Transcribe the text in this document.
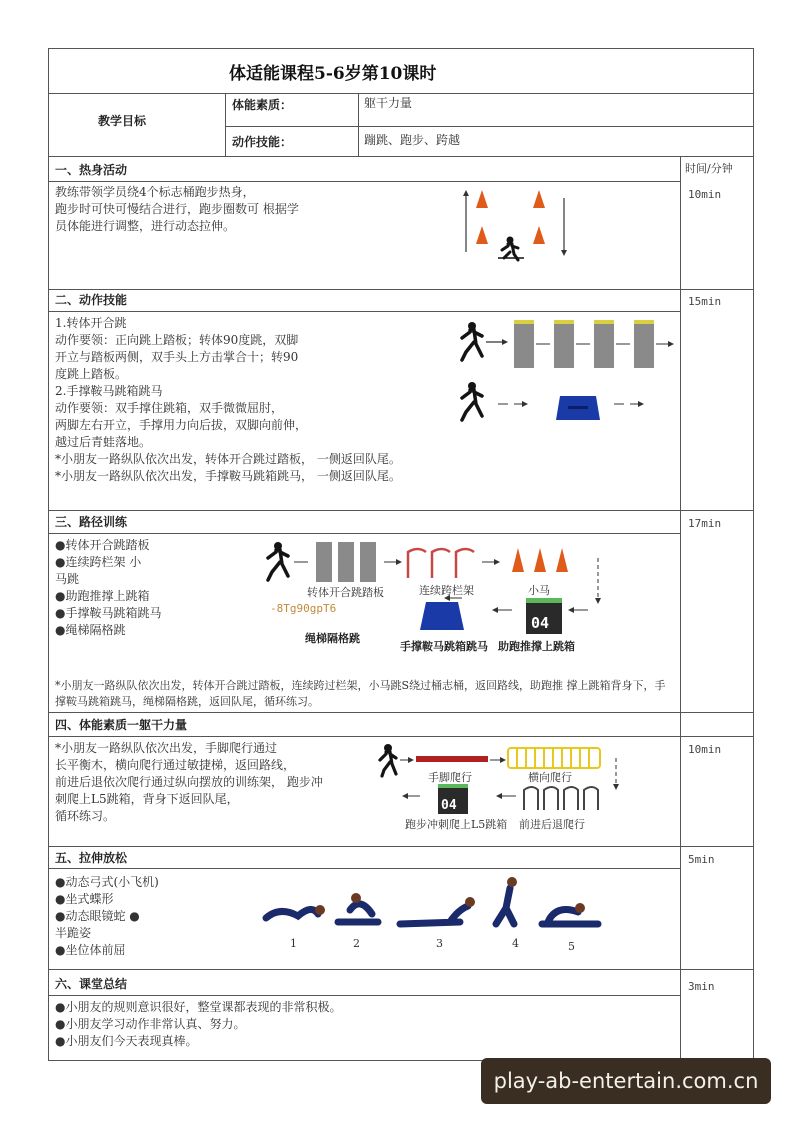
体适能课程5-6岁第10课时
教学目标
体能素质：	躯干力量
动作技能：	蹦跳、跑步、跨越
时间/分钟
一、热身活动
10min
教练带领学员绕4个标志桶跑步热身，
跑步时可快可慢结合进行，跑步圈数可 根据学
员体能进行调整，进行动态拉伸。
二、动作技能	15min
1.转体开合跳
动作要领：正向跳上踏板；转体90度跳，双脚
开立与踏板两侧，双手头上方击掌合十；转90
度跳上踏板。
2.手撑鞍马跳箱跳马
动作要领：双手撑住跳箱，双手微微屈肘，
两脚左右开立，手撑用力向后拔，双脚向前伸，
越过后青蛙落地。
*小朋友一路纵队依次出发，转体开合跳过踏板， 一侧返回队尾。
*小朋友一路纵队依次出发，手撑鞍马跳箱跳马， 一侧返回队尾。
三、路径训练	17min
●转体开合跳踏板
●连续跨栏架 小
马跳
●助跑推撑上跳箱
●手撑鞍马跳箱跳马
●绳梯隔格跳	04
转体开合跳踏板	连续跨栏架	小马
-8Tg90gpT6
绳梯隔格跳
手撑鞍马跳箱跳马 助跑推撑上跳箱
*小朋友一路纵队依次出发，转体开合跳过踏板，连续跨过栏架，小马跳S绕过桶志桶，返回路线，助跑推 撑上跳箱背身下，手
撑鞍马跳箱跳马，绳梯隔格跳，返回队尾，循环练习。
四、体能素质一躯干力量
10min
*小朋友一路纵队依次出发，手脚爬行通过
长平衡木，横向爬行通过敏捷梯，返回路线，
前进后退依次爬行通过纵向摆放的训练架， 跑步冲
刺爬上L5跳箱，背身下返回队尾，
循环练习。
04
手脚爬行	横向爬行
跑步冲刺爬上L5跳箱 前进后退爬行
五、拉伸放松	5min
●动态弓式(小飞机)
●坐式蝶形
●动态眼镜蛇 ●
半跪姿
●坐位体前屈	1	2	3	4	5
六、课堂总结	3min
●小朋友的规则意识很好，整堂课都表现的非常积极。
●小朋友学习动作非常认真、努力。
●小朋友们今天表现真棒。
play-ab-entertain.com.cn
